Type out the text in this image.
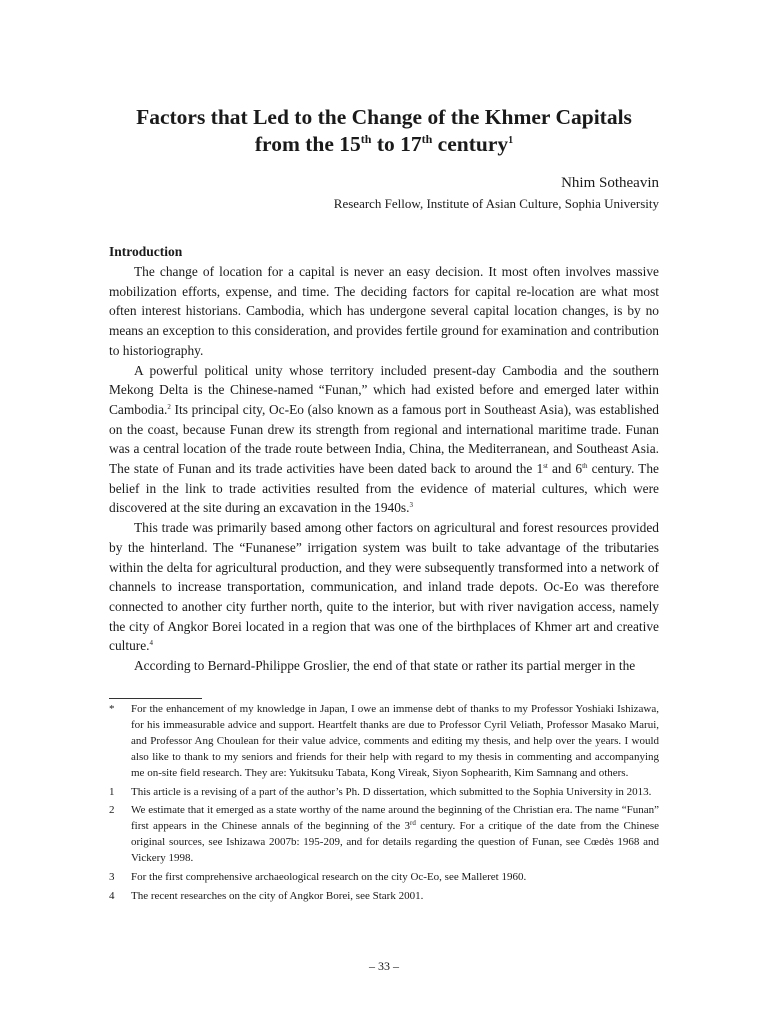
Factors that Led to the Change of the Khmer Capitals
from the 15th to 17th century$^1$

Nhim Sotheavin

Research Fellow, Institute of Asian Culture, Sophia University

Introduction

The change of location for a capital is never an easy decision. It most often involves massive mobilization efforts, expense, and time. The deciding factors for capital re-location are what most often interest historians. Cambodia, which has undergone several capital location changes, is by no means an exception to this consideration, and provides fertile ground for examination and contribution to historiography.

A powerful political unity whose territory included present-day Cambodia and the southern Mekong Delta is the Chinese-named “Funan,” which had existed before and emerged later within Cambodia.$^2$ Its principal city, Oc-Eo (also known as a famous port in Southeast Asia), was established on the coast, because Funan drew its strength from regional and international maritime trade. Funan was a central location of the trade route between India, China, the Mediterranean, and Southeast Asia. The state of Funan and its trade activities have been dated back to around the 1st and 6th century. The belief in the link to trade activities resulted from the evidence of material cultures, which were discovered at the site during an excavation in the 1940s.$^3$

This trade was primarily based among other factors on agricultural and forest resources provided by the hinterland. The “Funanese” irrigation system was built to take advantage of the tributaries within the delta for agricultural production, and they were subsequently transformed into a network of channels to increase transportation, communication, and inland trade depots. Oc-Eo was therefore connected to another city further north, quite to the interior, but with river navigation access, namely the city of Angkor Borei located in a region that was one of the birthplaces of Khmer art and creative culture.$^4$

According to Bernard-Philippe Groslier, the end of that state or rather its partial merger in the

* For the enhancement of my knowledge in Japan, I owe an immense debt of thanks to my Professor Yoshiaki Ishizawa, for his immeasurable advice and support. Heartfelt thanks are due to Professor Cyril Veliath, Professor Masako Marui, and Professor Ang Choulean for their value advice, comments and editing my thesis, and help over the years. I would also like to thank to my seniors and friends for their help with regard to my thesis in commenting and accompanying me on-site field research. They are: Yukitsuku Tabata, Kong Vireak, Siyon Sophearith, Kim Samnang and others.
1 This article is a revising of a part of the author’s Ph. D dissertation, which submitted to the Sophia University in 2013.
2 We estimate that it emerged as a state worthy of the name around the beginning of the Christian era. The name “Funan” first appears in the Chinese annals of the beginning of the 3rd century. For a critique of the date from the Chinese original sources, see Ishizawa 2007b: 195-209, and for details regarding the question of Funan, see Cœdès 1968 and Vickery 1998.
3 For the first comprehensive archaeological research on the city Oc-Eo, see Malleret 1960.
4 The recent researches on the city of Angkor Borei, see Stark 2001.

– 33 –
